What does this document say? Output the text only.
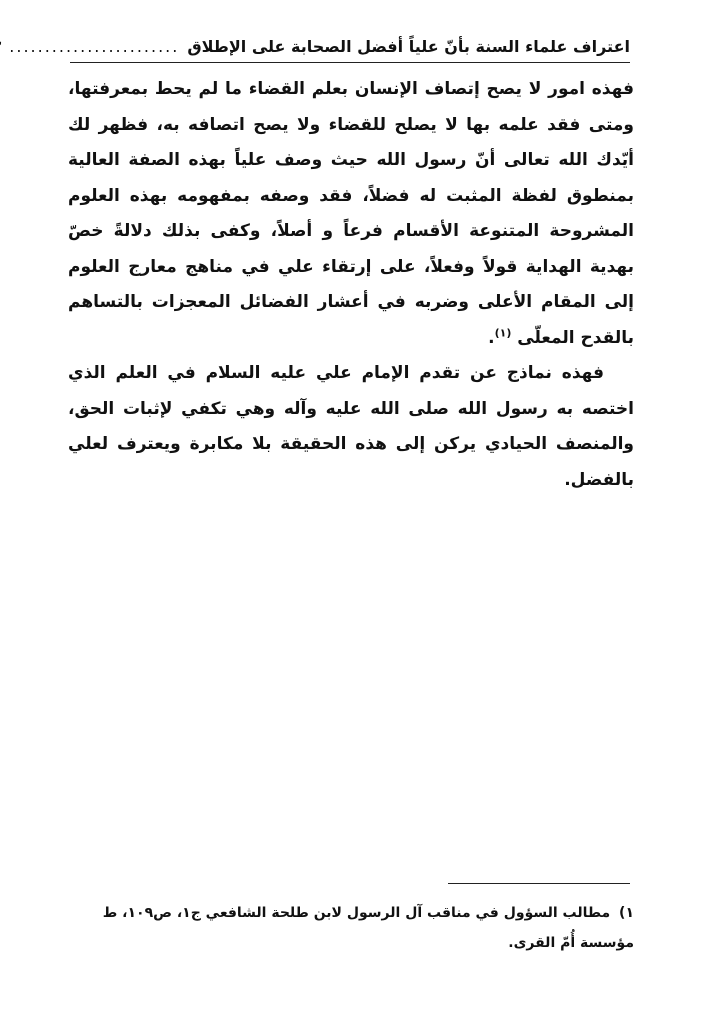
اعتراف علماء السنة بأنّ علياً أفضل الصحابة على الإطلاق
........................

فهذه امور لا يصح إتصاف الإنسان بعلم القضاء ما لم يحط بمعرفتها، ومتى فقد علمه بها لا يصلح للقضاء ولا يصح اتصافه به، فظهر لك أيّدك الله تعالى أنّ رسول الله حيث وصف علياً بهذه الصفة العالية بمنطوق لفظة المثبت له فضلاً، فقد وصفه بمفهومه بهذه العلوم المشروحة المتنوعة الأقسام فرعاً و أصلاً، وكفى بذلك دلالةً خصّ بهدية الهداية قولاً وفعلاً، على إرتقاء علي في مناهج معارج العلوم إلى المقام الأعلى وضربه في أعشار الفضائل المعجزات بالتساهم بالقدح المعلّى $^{(١)}$.

فهذه نماذج عن تقدم الإمام علي عليه السلام في العلم الذي اختصه به رسول الله صلى الله عليه وآله وهي تكفي لإثبات الحق، والمنصف الحيادي يركن إلى هذه الحقيقة بلا مكابرة ويعترف لعلي بالفضل.

١) مطالب السؤول في مناقب آل الرسول لابن طلحة الشافعي ج١، ص١٠٩، ط مؤسسة أُمّ القرى.
